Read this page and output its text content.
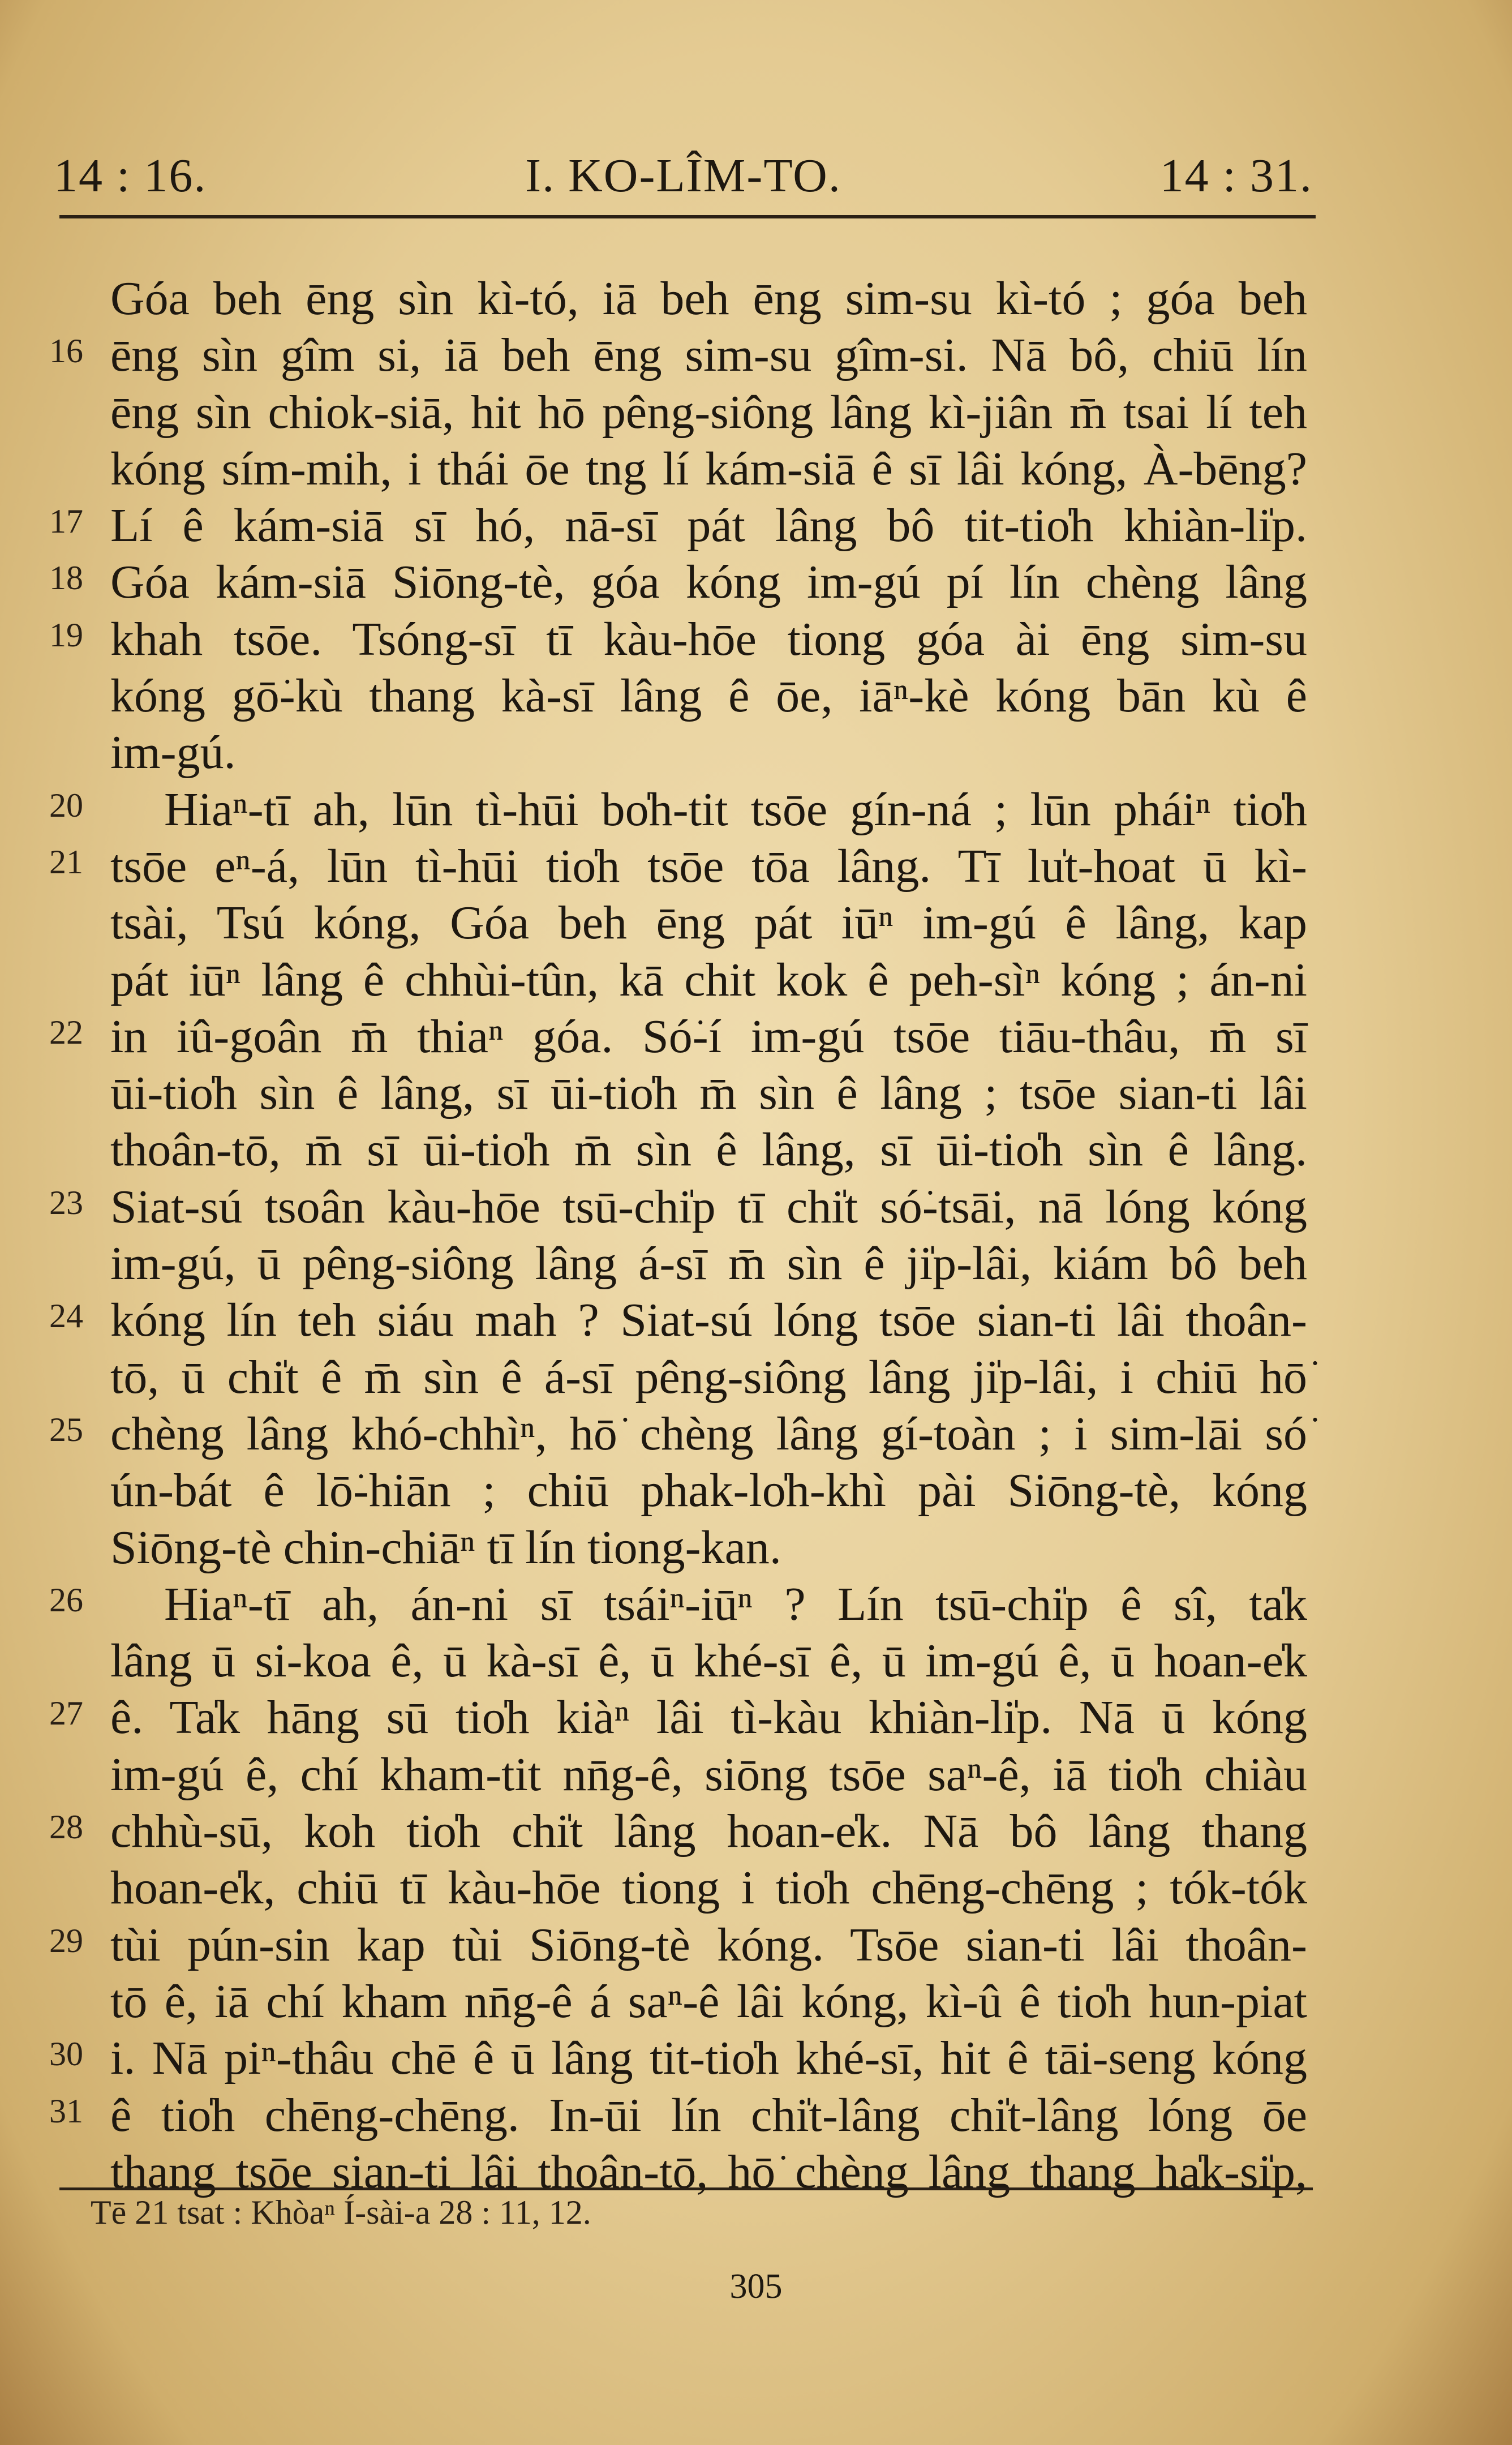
14 : 16.	I. KO-LÎM-TO.	14 : 31.
Góa beh ēng sìn kì-tó, iā beh ēng sim-su kì-tó ; góa beh
16 ēng sìn gîm si, iā beh ēng sim-su gîm-si. Nā bô, chiū lín
ēng sìn chiok-siā, hit hō pêng-siông lâng kì-jiân m̄ tsai lí teh
kóng sím-mih, i thái ōe tng lí kám-siā ê sī lâi kóng, À-bēng?
17 Lí ê kám-siā sī hó, nā-sī pát lâng bô tit-tio̍h khiàn-li̍p.
18 Góa kám-siā Siōng-tè, góa kóng im-gú pí lín chèng lâng
19 khah tsōe. Tsóng-sī tī kàu-hōe tiong góa ài ēng sim-su
kóng gō͘-kù thang kà-sī lâng ê ōe, iāⁿ-kè kóng bān kù ê
im-gú.
20 Hiaⁿ-tī ah, lūn tì-hūi bo̍h-tit tsōe gín-ná ; lūn pháiⁿ tio̍h
21 tsōe eⁿ-á, lūn tì-hūi tio̍h tsōe tōa lâng. Tī lu̍t-hoat ū kì-
tsài, Tsú kóng, Góa beh ēng pát iūⁿ im-gú ê lâng, kap
pát iūⁿ lâng ê chhùi-tûn, kā chit kok ê peh-sìⁿ kóng ; án-ni
22 in iû-goân m̄ thiaⁿ góa. Só͘-í im-gú tsōe tiāu-thâu, m̄ sī
ūi-tio̍h sìn ê lâng, sī ūi-tio̍h m̄ sìn ê lâng ; tsōe sian-ti lâi
thoân-tō, m̄ sī ūi-tio̍h m̄ sìn ê lâng, sī ūi-tio̍h sìn ê lâng.
23 Siat-sú tsoân kàu-hōe tsū-chi̍p tī chi̍t só͘-tsāi, nā lóng kóng
im-gú, ū pêng-siông lâng á-sī m̄ sìn ê ji̍p-lâi, kiám bô beh
24 kóng lín teh siáu mah ? Siat-sú lóng tsōe sian-ti lâi thoân-
tō, ū chi̍t ê m̄ sìn ê á-sī pêng-siông lâng ji̍p-lâi, i chiū hō͘
25 chèng lâng khó-chhìⁿ, hō͘ chèng lâng gí-toàn ; i sim-lāi só͘
ún-bát ê lō͘-hiān ; chiū phak-lo̍h-khì pài Siōng-tè, kóng
Siōng-tè chin-chiāⁿ tī lín tiong-kan.
26 Hiaⁿ-tī ah, án-ni sī tsáiⁿ-iūⁿ ? Lín tsū-chi̍p ê sî, ta̍k
lâng ū si-koa ê, ū kà-sī ê, ū khé-sī ê, ū im-gú ê, ū hoan-e̍k
27 ê. Ta̍k hāng sū tio̍h kiàⁿ lâi tì-kàu khiàn-li̍p. Nā ū kóng
im-gú ê, chí kham-tit nn̄g-ê, siōng tsōe saⁿ-ê, iā tio̍h chiàu
28 chhù-sū, koh tio̍h chi̍t lâng hoan-e̍k. Nā bô lâng thang
hoan-e̍k, chiū tī kàu-hōe tiong i tio̍h chēng-chēng ; tók-tók
29 tùi pún-sin kap tùi Siōng-tè kóng. Tsōe sian-ti lâi thoân-
tō ê, iā chí kham nn̄g-ê á saⁿ-ê lâi kóng, kì-û ê tio̍h hun-piat
30 i. Nā piⁿ-thâu chē ê ū lâng tit-tio̍h khé-sī, hit ê tāi-seng kóng
31 ê tio̍h chēng-chēng. In-ūi lín chi̍t-lâng chi̍t-lâng lóng ōe
thang tsōe sian-ti lâi thoân-tō, hō͘ chèng lâng thang ha̍k-si̍p,
Tē 21 tsat : Khòaⁿ Í-sài-a 28 : 11, 12.
305
